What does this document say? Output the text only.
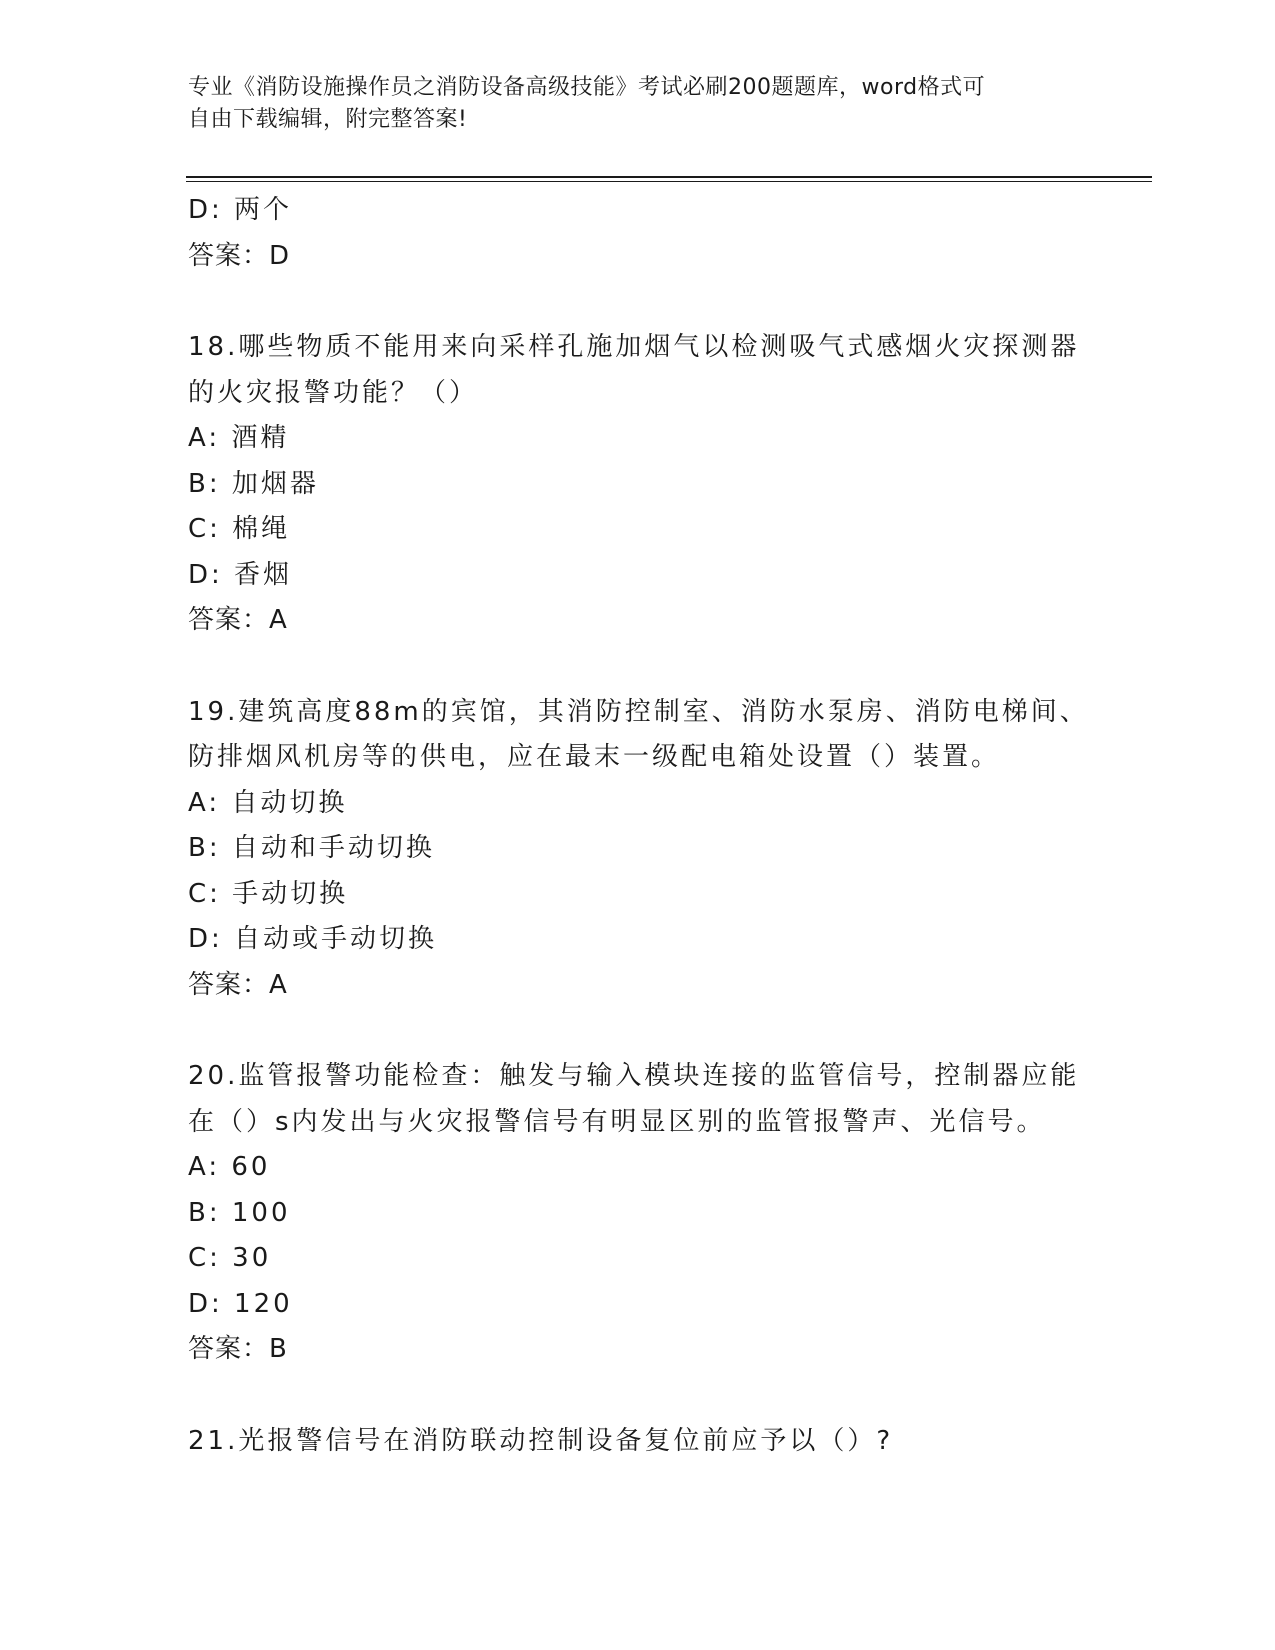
专业《消防设施操作员之消防设备高级技能》考试必刷200题题库，word格式可
自由下载编辑，附完整答案!
D: 两个
答案：D
18.哪些物质不能用来向采样孔施加烟气以检测吸气式感烟火灾探测器
的火灾报警功能？（）
A: 酒精
B: 加烟器
C: 棉绳
D: 香烟
答案：A
19.建筑高度88m的宾馆，其消防控制室、消防水泵房、消防电梯间、
防排烟风机房等的供电，应在最末一级配电箱处设置（）装置。
A: 自动切换
B: 自动和手动切换
C: 手动切换
D: 自动或手动切换
答案：A
20.监管报警功能检查：触发与输入模块连接的监管信号，控制器应能
在（）s内发出与火灾报警信号有明显区别的监管报警声、光信号。
A: 60
B: 100
C: 30
D: 120
答案：B
21.光报警信号在消防联动控制设备复位前应予以（）?
